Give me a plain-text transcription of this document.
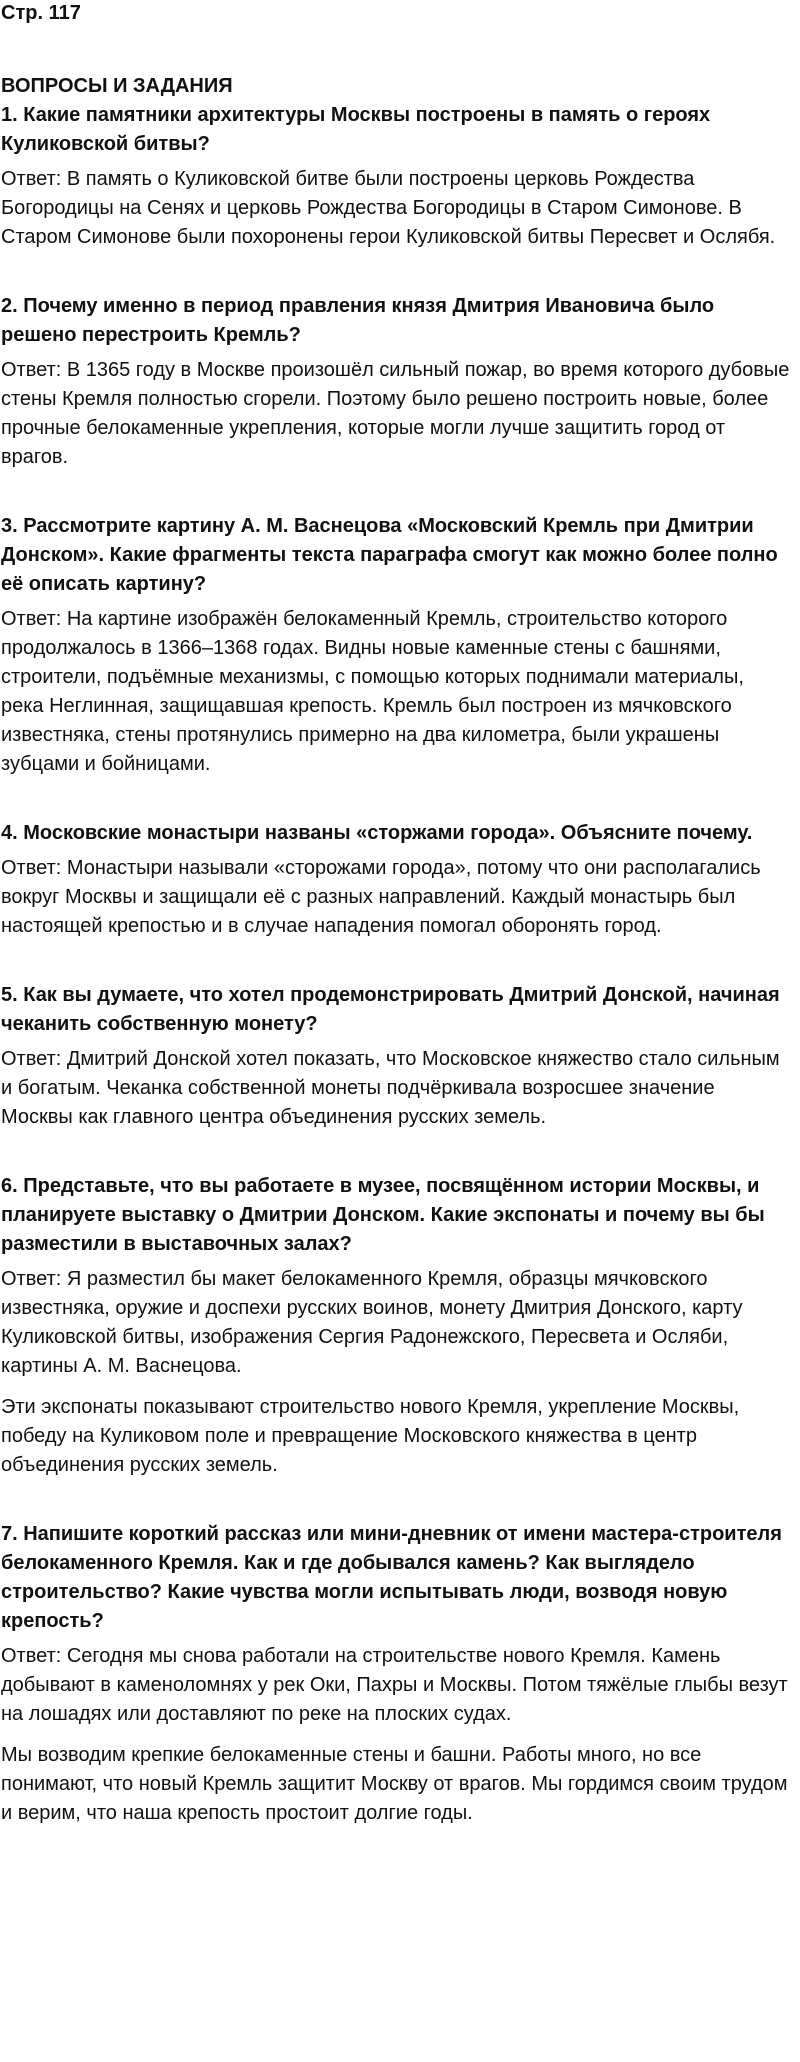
Стр. 117
ВОПРОСЫ И ЗАДАНИЯ
1. Какие памятники архитектуры Москвы построены в память о героях Куликовской битвы?

Ответ: В память о Куликовской битве были построены церковь Рождества Богородицы на Сенях и церковь Рождества Богородицы в Старом Симонове. В Старом Симонове были похоронены герои Куликовской битвы Пересвет и Ослябя.

2. Почему именно в период правления князя Дмитрия Ивановича было решено перестроить Кремль?

Ответ: В 1365 году в Москве произошёл сильный пожар, во время которого дубовые стены Кремля полностью сгорели. Поэтому было решено построить новые, более прочные белокаменные укрепления, которые могли лучше защитить город от врагов.

3. Рассмотрите картину А. М. Васнецова «Московский Кремль при Дмитрии Донском». Какие фрагменты текста параграфа смогут как можно более полно её описать картину?

Ответ: На картине изображён белокаменный Кремль, строительство которого продолжалось в 1366–1368 годах. Видны новые каменные стены с башнями, строители, подъёмные механизмы, с помощью которых поднимали материалы, река Неглинная, защищавшая крепость. Кремль был построен из мячковского известняка, стены протянулись примерно на два километра, были украшены зубцами и бойницами.

4. Московские монастыри названы «сторжами города». Объясните почему.

Ответ: Монастыри называли «сторожами города», потому что они располагались вокруг Москвы и защищали её с разных направлений. Каждый монастырь был настоящей крепостью и в случае нападения помогал оборонять город.

5. Как вы думаете, что хотел продемонстрировать Дмитрий Донской, начиная чеканить собственную монету?

Ответ: Дмитрий Донской хотел показать, что Московское княжество стало сильным и богатым. Чеканка собственной монеты подчёркивала возросшее значение Москвы как главного центра объединения русских земель.

6. Представьте, что вы работаете в музее, посвящённом истории Москвы, и планируете выставку о Дмитрии Донском. Какие экспонаты и почему вы бы разместили в выставочных залах?

Ответ: Я разместил бы макет белокаменного Кремля, образцы мячковского известняка, оружие и доспехи русских воинов, монету Дмитрия Донского, карту Куликовской битвы, изображения Сергия Радонежского, Пересвета и Осляби, картины А. М. Васнецова.

Эти экспонаты показывают строительство нового Кремля, укрепление Москвы, победу на Куликовом поле и превращение Московского княжества в центр объединения русских земель.

7. Напишите короткий рассказ или мини-дневник от имени мастера-строителя белокаменного Кремля. Как и где добывался камень? Как выглядело строительство? Какие чувства могли испытывать люди, возводя новую крепость?

Ответ: Сегодня мы снова работали на строительстве нового Кремля. Камень добывают в каменоломнях у рек Оки, Пахры и Москвы. Потом тяжёлые глыбы везут на лошадях или доставляют по реке на плоских судах.

Мы возводим крепкие белокаменные стены и башни. Работы много, но все понимают, что новый Кремль защитит Москву от врагов. Мы гордимся своим трудом и верим, что наша крепость простоит долгие годы.
